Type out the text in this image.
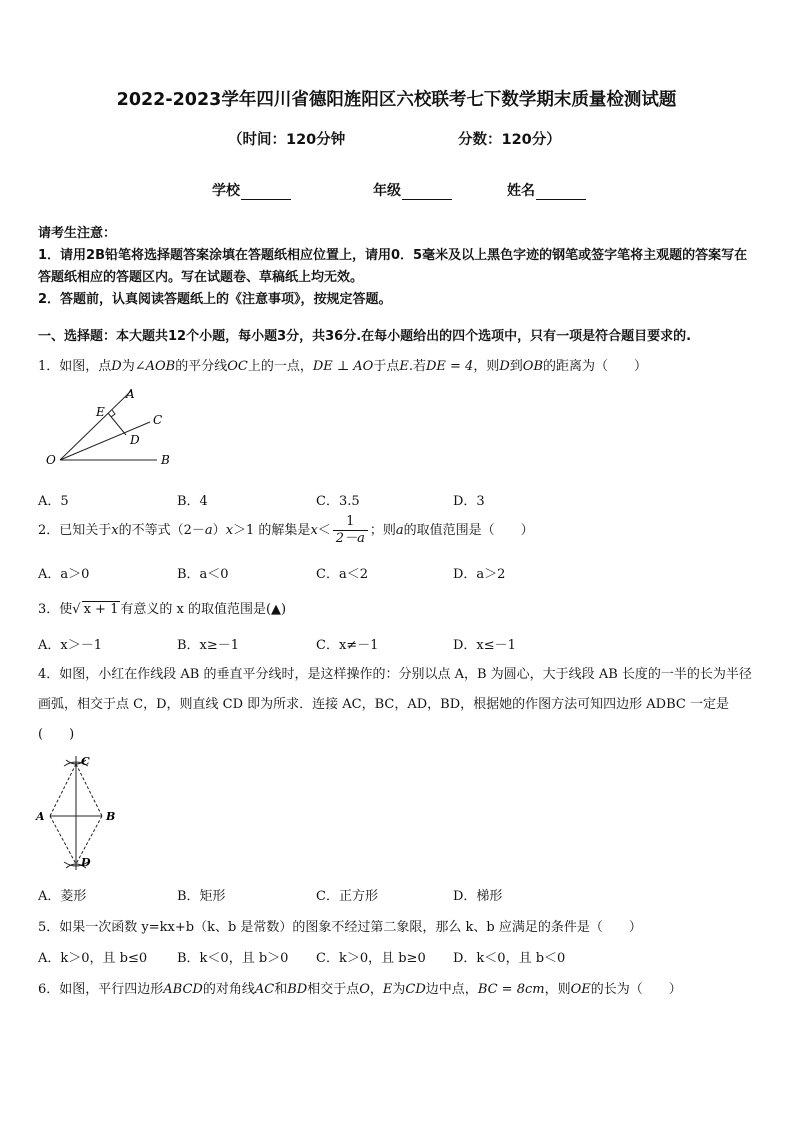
2022-2023学年四川省德阳旌阳区六校联考七下数学期末质量检测试题
（时间：120分钟	分数：120分）
学校	年级	姓名
请考生注意：
1．请用2B铅笔将选择题答案涂填在答题纸相应位置上，请用0．5毫米及以上黑色字迹的钢笔或签字笔将主观题的答案写在答题纸相应的答题区内。写在试题卷、草稿纸上均无效。
2．答题前，认真阅读答题纸上的《注意事项》，按规定答题。
一、选择题：本大题共12个小题，每小题3分，共36分.在每小题给出的四个选项中，只有一项是符合题目要求的.
1．如图，点D为∠AOB的平分线OC上的一点，DE ⊥ AO于点E.若DE = 4，则D到OB的距离为（　　）
A
E
C
D
O	B
A．5	B．4	C．3.5	D．3
2．已知关于x的不等式（2－a）x＞1 的解集是$x< \frac{1}{2-a}$ ；则a的取值范围是（　　）
A．a＞0	B．a＜0	C．a＜2	D．a＞2
3．使√ x + 1 有意义的 x 的取值范围是(▲)
A．x＞－1	B．x≥－1	C．x≠－1	D．x≤－1
4．如图，小红在作线段 AB 的垂直平分线时，是这样操作的：分别以点 A，B 为圆心，大于线段 AB 长度的一半的长为半径画弧，相交于点 C，D，则直线 CD 即为所求．连接 AC，BC，AD，BD，根据她的作图方法可知四边形 ADBC 一定是(　　)
C
A	B
D
A．菱形	B．矩形	C．正方形	D．梯形
5．如果一次函数 y=kx+b（k、b 是常数）的图象不经过第二象限，那么 k、b 应满足的条件是（　　）
A．k＞0，且 b≤0 B．k＜0，且 b＞0 C．k＞0，且 b≥0 D．k＜0，且 b＜0
6．如图，平行四边形ABCD的对角线AC和BD相交于点O，E为CD边中点，BC = 8cm，则OE的长为（　　）
